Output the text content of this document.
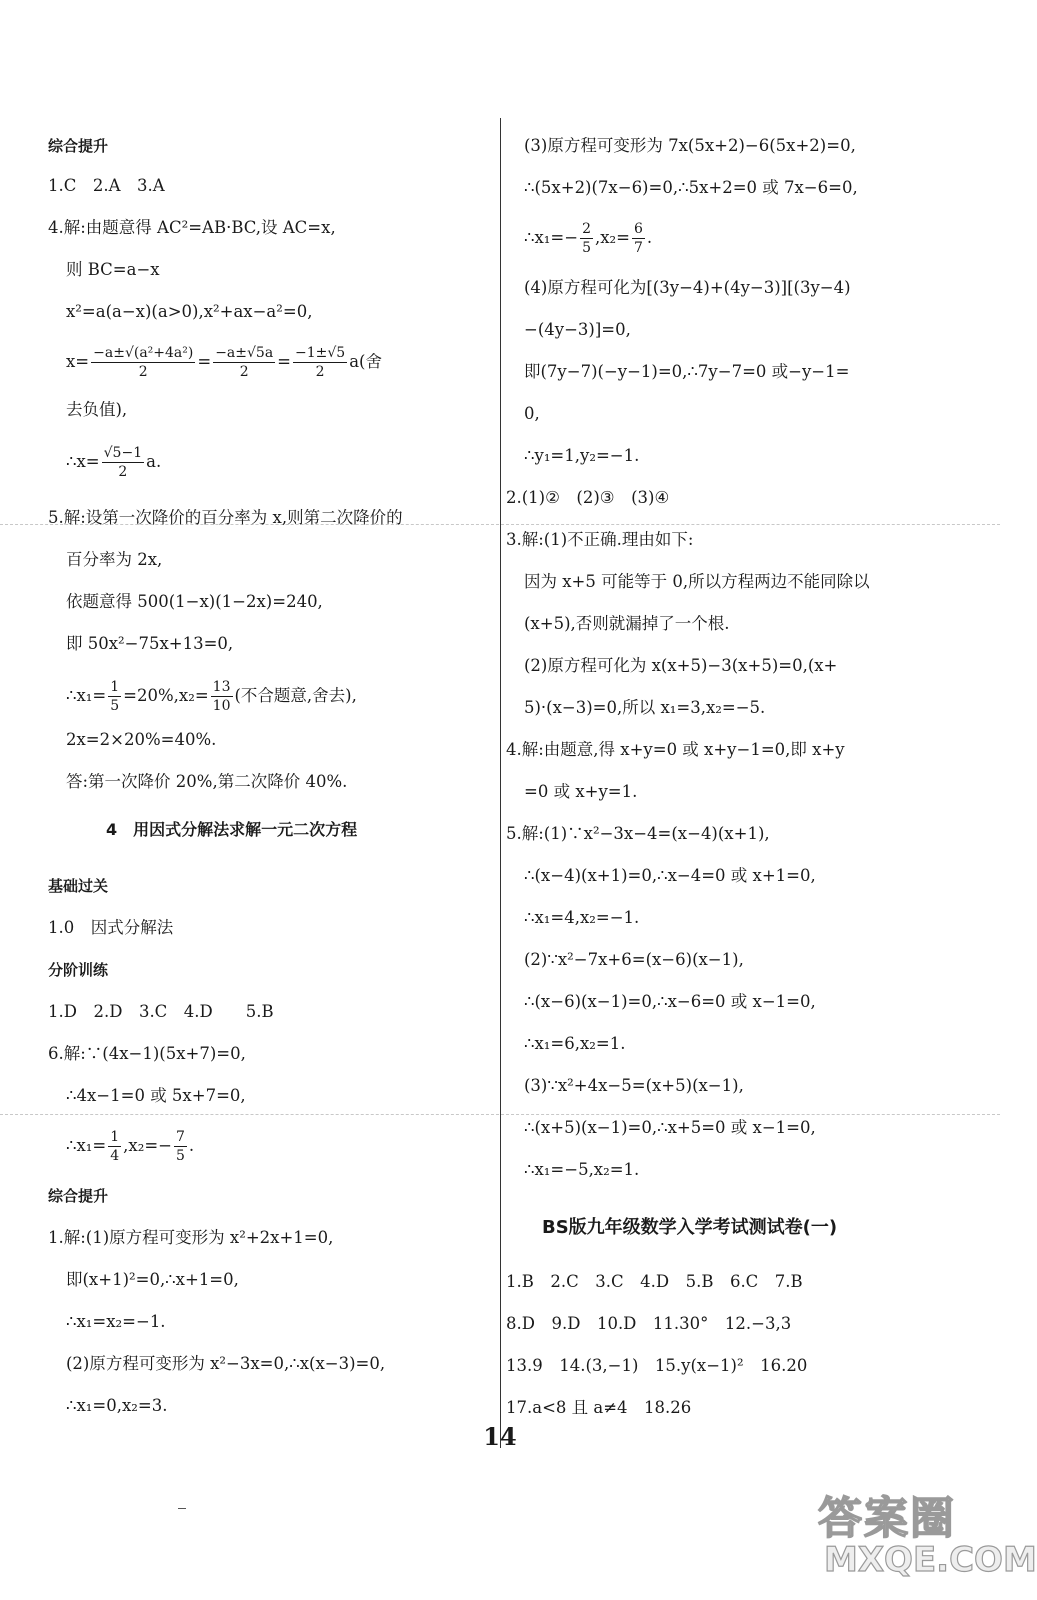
综合提升
1.C　2.A　3.A
4.解:由题意得 AC²=AB·BC,设 AC=x,
则 BC=a−x
x²=a(a−x)(a>0),x²+ax−a²=0,
$x= \frac{\text{−a±√(a²+4a²)}}{2} = \frac{-a\pm√5a}{2} = \frac{-1\pm√5}{2} a$(舍
去负值),
∴x= $\frac{√5-1}{2} a$.
5.解:设第一次降价的百分率为 x,则第二次降价的
百分率为 2x,
依题意得 500(1−x)(1−2x)=240,
即 50x²−75x+13=0,
∴x₁= $\frac{1}{5} =20\%,x_2= \frac{13}{10}$ (不合题意,舍去),
2x=2×20%=40%.
答:第一次降价 20%,第二次降价 40%.
4　用因式分解法求解一元二次方程
基础过关
1.0　因式分解法
分阶训练
1.D　2.D　3.C　4.D　　5.B
6.解:∵(4x−1)(5x+7)=0,
∴4x−1=0 或 5x+7=0,
∴x₁= $\frac{1}{4} ,x_2=- \frac{7}{5}$ .
综合提升
1.解:(1)原方程可变形为 x²+2x+1=0,
即(x+1)²=0,∴x+1=0,
∴x₁=x₂=−1.
(2)原方程可变形为 x²−3x=0,∴x(x−3)=0,
∴x₁=0,x₂=3.
(3)原方程可变形为 7x(5x+2)−6(5x+2)=0,
∴(5x+2)(7x−6)=0,∴5x+2=0 或 7x−6=0,
∴x₁=− $\frac{2}{5} ,x_2= \frac{6}{7}$ .
(4)原方程可化为[(3y−4)+(4y−3)][(3y−4)
−(4y−3)]=0,
即(7y−7)(−y−1)=0,∴7y−7=0 或−y−1=
0,
∴y₁=1,y₂=−1.
2.(1)②　(2)③　(3)④
3.解:(1)不正确.理由如下:
因为 x+5 可能等于 0,所以方程两边不能同除以
(x+5),否则就漏掉了一个根.
(2)原方程可化为 x(x+5)−3(x+5)=0,(x+
5)·(x−3)=0,所以 x₁=3,x₂=−5.
4.解:由题意,得 x+y=0 或 x+y−1=0,即 x+y
=0 或 x+y=1.
5.解:(1)∵x²−3x−4=(x−4)(x+1),
∴(x−4)(x+1)=0,∴x−4=0 或 x+1=0,
∴x₁=4,x₂=−1.
(2)∵x²−7x+6=(x−6)(x−1),
∴(x−6)(x−1)=0,∴x−6=0 或 x−1=0,
∴x₁=6,x₂=1.
(3)∵x²+4x−5=(x+5)(x−1),
∴(x+5)(x−1)=0,∴x+5=0 或 x−1=0,
∴x₁=−5,x₂=1.
BS版九年级数学入学考试测试卷(一)
1.B　2.C　3.C　4.D　5.B　6.C　7.B
8.D　9.D　10.D　11.30°　12.−3,3
13.9　14.(3,−1)　15.y(x−1)²　16.20
17.a<8 且 a≠4　18.26
14
答案圈
MXQE.COM
